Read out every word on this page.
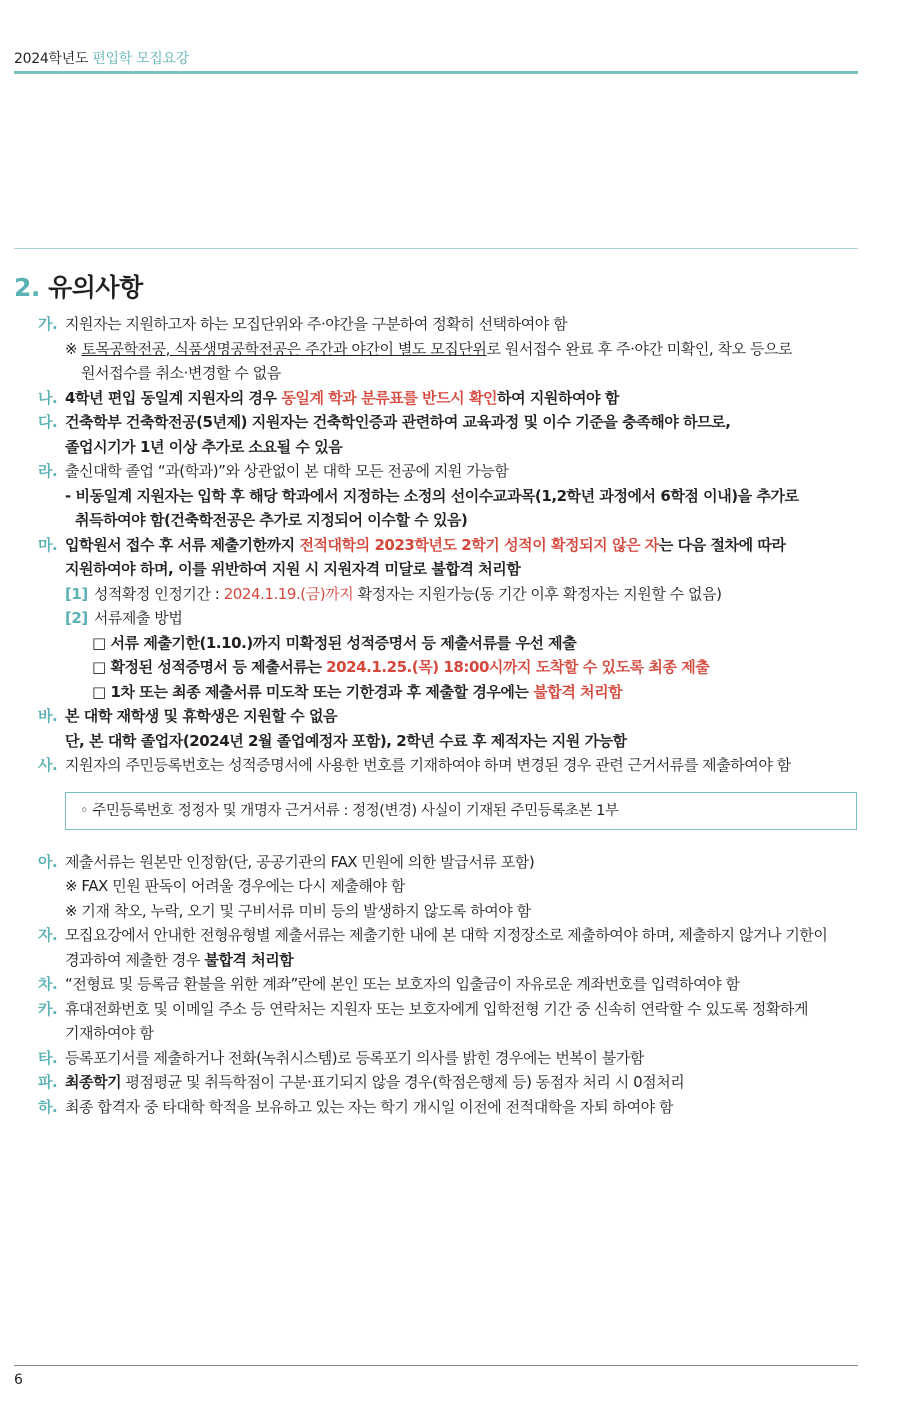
2024학년도 편입학 모집요강
2. 유의사항
가. 지원자는 지원하고자 하는 모집단위와 주·야간을 구분하여 정확히 선택하여야 함
※ 토목공학전공, 식품생명공학전공은 주간과 야간이 별도 모집단위로 원서접수 완료 후 주·야간 미확인, 착오 등으로
원서접수를 취소·변경할 수 없음
나. 4학년 편입 동일계 지원자의 경우 동일계 학과 분류표를 반드시 확인하여 지원하여야 함
다. 건축학부 건축학전공(5년제) 지원자는 건축학인증과 관련하여 교육과정 및 이수 기준을 충족해야 하므로,
졸업시기가 1년 이상 추가로 소요될 수 있음
라. 출신대학 졸업 “과(학과)”와 상관없이 본 대학 모든 전공에 지원 가능함
- 비동일계 지원자는 입학 후 해당 학과에서 지정하는 소정의 선이수교과목(1,2학년 과정에서 6학점 이내)을 추가로
취득하여야 함(건축학전공은 추가로 지정되어 이수할 수 있음)
마. 입학원서 접수 후 서류 제출기한까지 전적대학의 2023학년도 2학기 성적이 확정되지 않은 자는 다음 절차에 따라
지원하여야 하며, 이를 위반하여 지원 시 지원자격 미달로 불합격 처리함
[1] 성적확정 인정기간 : 2024.1.19.(금)까지 확정자는 지원가능(동 기간 이후 확정자는 지원할 수 없음)
[2] 서류제출 방법
□ 서류 제출기한(1.10.)까지 미확정된 성적증명서 등 제출서류를 우선 제출
□ 확정된 성적증명서 등 제출서류는 2024.1.25.(목) 18:00시까지 도착할 수 있도록 최종 제출
□ 1차 또는 최종 제출서류 미도착 또는 기한경과 후 제출할 경우에는 불합격 처리함
바. 본 대학 재학생 및 휴학생은 지원할 수 없음
단, 본 대학 졸업자(2024년 2월 졸업예정자 포함), 2학년 수료 후 제적자는 지원 가능함
사. 지원자의 주민등록번호는 성적증명서에 사용한 번호를 기재하여야 하며 변경된 경우 관련 근거서류를 제출하여야 함
◦ 주민등록번호 정정자 및 개명자 근거서류 : 정정(변경) 사실이 기재된 주민등록초본 1부
아. 제출서류는 원본만 인정함(단, 공공기관의 FAX 민원에 의한 발급서류 포함)
※ FAX 민원 판독이 어려울 경우에는 다시 제출해야 함
※ 기재 착오, 누락, 오기 및 구비서류 미비 등의 발생하지 않도록 하여야 함
자. 모집요강에서 안내한 전형유형별 제출서류는 제출기한 내에 본 대학 지정장소로 제출하여야 하며, 제출하지 않거나 기한이
경과하여 제출한 경우 불합격 처리함
차. “전형료 및 등록금 환불을 위한 계좌”란에 본인 또는 보호자의 입출금이 자유로운 계좌번호를 입력하여야 함
카. 휴대전화번호 및 이메일 주소 등 연락처는 지원자 또는 보호자에게 입학전형 기간 중 신속히 연락할 수 있도록 정확하게
기재하여야 함
타. 등록포기서를 제출하거나 전화(녹취시스템)로 등록포기 의사를 밝힌 경우에는 번복이 불가함
파. 최종학기 평점평균 및 취득학점이 구분·표기되지 않을 경우(학점은행제 등) 동점자 처리 시 0점처리
하. 최종 합격자 중 타대학 학적을 보유하고 있는 자는 학기 개시일 이전에 전적대학을 자퇴 하여야 함
6
